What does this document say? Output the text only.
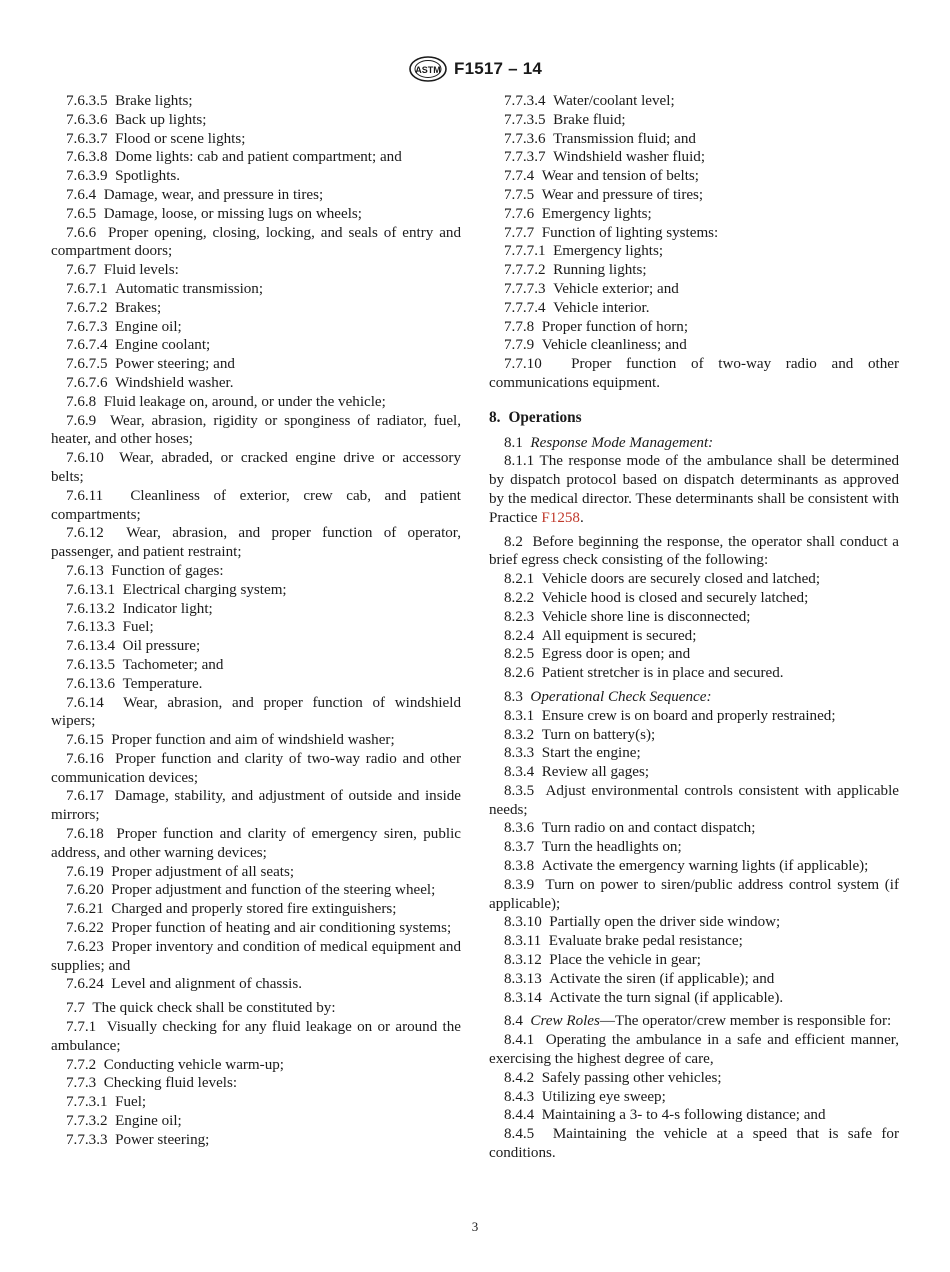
ASTM F1517 – 14

7.6.3.5 Brake lights;

7.6.3.6 Back up lights;

7.6.3.7 Flood or scene lights;

7.6.3.8 Dome lights: cab and patient compartment; and

7.6.3.9 Spotlights.

7.6.4 Damage, wear, and pressure in tires;

7.6.5 Damage, loose, or missing lugs on wheels;

7.6.6 Proper opening, closing, locking, and seals of entry and compartment doors;

7.6.7 Fluid levels:

7.6.7.1 Automatic transmission;

7.6.7.2 Brakes;

7.6.7.3 Engine oil;

7.6.7.4 Engine coolant;

7.6.7.5 Power steering; and

7.6.7.6 Windshield washer.

7.6.8 Fluid leakage on, around, or under the vehicle;

7.6.9 Wear, abrasion, rigidity or sponginess of radiator, fuel, heater, and other hoses;

7.6.10 Wear, abraded, or cracked engine drive or accessory belts;

7.6.11 Cleanliness of exterior, crew cab, and patient compartments;

7.6.12 Wear, abrasion, and proper function of operator, passenger, and patient restraint;

7.6.13 Function of gages:

7.6.13.1 Electrical charging system;

7.6.13.2 Indicator light;

7.6.13.3 Fuel;

7.6.13.4 Oil pressure;

7.6.13.5 Tachometer; and

7.6.13.6 Temperature.

7.6.14 Wear, abrasion, and proper function of windshield wipers;

7.6.15 Proper function and aim of windshield washer;

7.6.16 Proper function and clarity of two-way radio and other communication devices;

7.6.17 Damage, stability, and adjustment of outside and inside mirrors;

7.6.18 Proper function and clarity of emergency siren, public address, and other warning devices;

7.6.19 Proper adjustment of all seats;

7.6.20 Proper adjustment and function of the steering wheel;

7.6.21 Charged and properly stored fire extinguishers;

7.6.22 Proper function of heating and air conditioning systems;

7.6.23 Proper inventory and condition of medical equipment and supplies; and

7.6.24 Level and alignment of chassis.

7.7 The quick check shall be constituted by:

7.7.1 Visually checking for any fluid leakage on or around the ambulance;

7.7.2 Conducting vehicle warm-up;

7.7.3 Checking fluid levels:

7.7.3.1 Fuel;

7.7.3.2 Engine oil;

7.7.3.3 Power steering;

7.7.3.4 Water/coolant level;

7.7.3.5 Brake fluid;

7.7.3.6 Transmission fluid; and

7.7.3.7 Windshield washer fluid;

7.7.4 Wear and tension of belts;

7.7.5 Wear and pressure of tires;

7.7.6 Emergency lights;

7.7.7 Function of lighting systems:

7.7.7.1 Emergency lights;

7.7.7.2 Running lights;

7.7.7.3 Vehicle exterior; and

7.7.7.4 Vehicle interior.

7.7.8 Proper function of horn;

7.7.9 Vehicle cleanliness; and

7.7.10 Proper function of two-way radio and other communications equipment.

8. Operations

8.1 Response Mode Management:

8.1.1 The response mode of the ambulance shall be determined by dispatch protocol based on dispatch determinants as approved by the medical director. These determinants shall be consistent with Practice F1258.

8.2 Before beginning the response, the operator shall conduct a brief egress check consisting of the following:

8.2.1 Vehicle doors are securely closed and latched;

8.2.2 Vehicle hood is closed and securely latched;

8.2.3 Vehicle shore line is disconnected;

8.2.4 All equipment is secured;

8.2.5 Egress door is open; and

8.2.6 Patient stretcher is in place and secured.

8.3 Operational Check Sequence:

8.3.1 Ensure crew is on board and properly restrained;

8.3.2 Turn on battery(s);

8.3.3 Start the engine;

8.3.4 Review all gages;

8.3.5 Adjust environmental controls consistent with applicable needs;

8.3.6 Turn radio on and contact dispatch;

8.3.7 Turn the headlights on;

8.3.8 Activate the emergency warning lights (if applicable);

8.3.9 Turn on power to siren/public address control system (if applicable);

8.3.10 Partially open the driver side window;

8.3.11 Evaluate brake pedal resistance;

8.3.12 Place the vehicle in gear;

8.3.13 Activate the siren (if applicable); and

8.3.14 Activate the turn signal (if applicable).

8.4 Crew Roles—The operator/crew member is responsible for:

8.4.1 Operating the ambulance in a safe and efficient manner, exercising the highest degree of care,

8.4.2 Safely passing other vehicles;

8.4.3 Utilizing eye sweep;

8.4.4 Maintaining a 3- to 4-s following distance; and

8.4.5 Maintaining the vehicle at a speed that is safe for conditions.

3
